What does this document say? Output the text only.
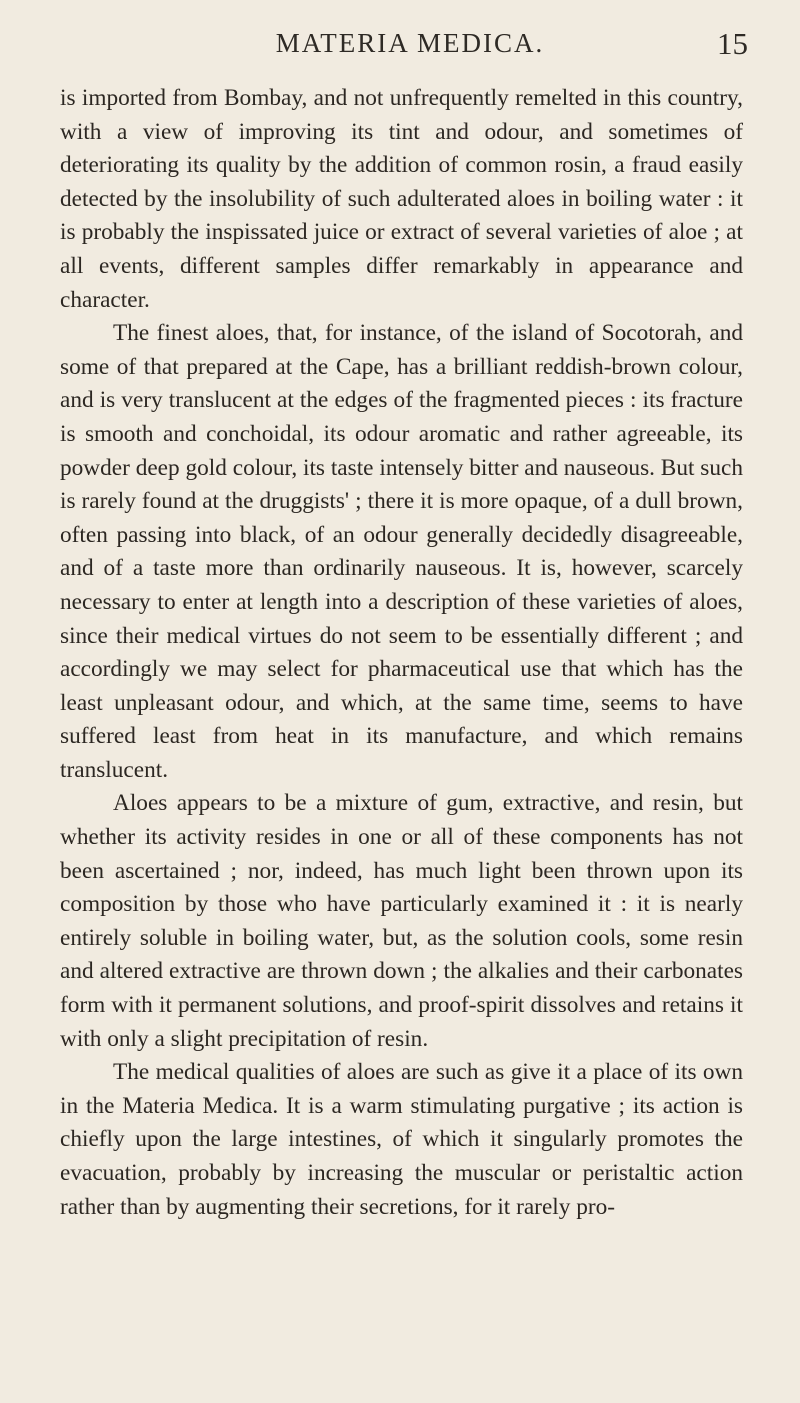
MATERIA MEDICA.	15

is imported from Bombay, and not unfrequently remelted in this country, with a view of improving its tint and odour, and sometimes of deteriorating its quality by the addition of common rosin, a fraud easily detected by the insolubility of such adulterated aloes in boiling water : it is probably the inspissated juice or extract of several varieties of aloe ; at all events, different samples differ remarkably in appearance and character.

The finest aloes, that, for instance, of the island of Socotorah, and some of that prepared at the Cape, has a brilliant reddish-brown colour, and is very translucent at the edges of the fragmented pieces : its fracture is smooth and conchoidal, its odour aromatic and rather agreeable, its powder deep gold colour, its taste intensely bitter and nauseous. But such is rarely found at the druggists' ; there it is more opaque, of a dull brown, often passing into black, of an odour generally decidedly disagreeable, and of a taste more than ordinarily nauseous. It is, however, scarcely necessary to enter at length into a description of these varieties of aloes, since their medical virtues do not seem to be essentially different ; and accordingly we may select for pharmaceutical use that which has the least unpleasant odour, and which, at the same time, seems to have suffered least from heat in its manufacture, and which remains translucent.

Aloes appears to be a mixture of gum, extractive, and resin, but whether its activity resides in one or all of these components has not been ascertained ; nor, indeed, has much light been thrown upon its composition by those who have particularly examined it : it is nearly entirely soluble in boiling water, but, as the solution cools, some resin and altered extractive are thrown down ; the alkalies and their carbonates form with it permanent solutions, and proof-spirit dissolves and retains it with only a slight precipitation of resin.

The medical qualities of aloes are such as give it a place of its own in the Materia Medica. It is a warm stimulating purgative ; its action is chiefly upon the large intestines, of which it singularly promotes the evacuation, probably by increasing the muscular or peristaltic action rather than by augmenting their secretions, for it rarely pro-
